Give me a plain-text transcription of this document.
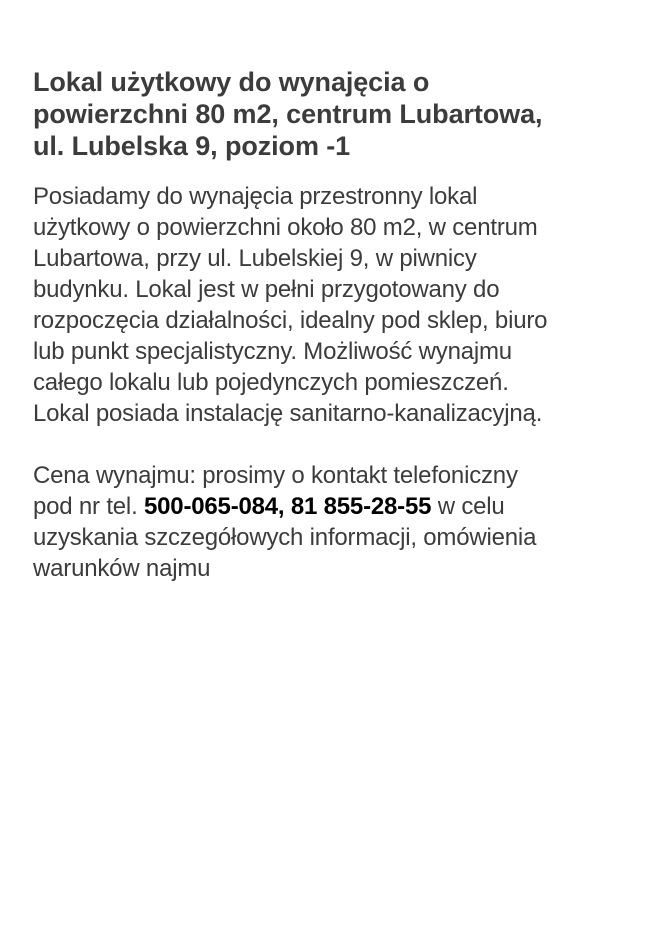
Lokal użytkowy do wynajęcia o
powierzchni 80 m2, centrum Lubartowa,
ul. Lubelska 9, poziom -1

Posiadamy do wynajęcia przestronny lokal
użytkowy o powierzchni około 80 m2, w centrum
Lubartowa, przy ul. Lubelskiej 9, w piwnicy
budynku. Lokal jest w pełni przygotowany do
rozpoczęcia działalności, idealny pod sklep, biuro
lub punkt specjalistyczny. Możliwość wynajmu
całego lokalu lub pojedynczych pomieszczeń.
Lokal posiada instalację sanitarno-kanalizacyjną.

Cena wynajmu: prosimy o kontakt telefoniczny
pod nr tel. 500-065-084, 81 855-28-55 w celu
uzyskania szczegółowych informacji, omówienia
warunków najmu
